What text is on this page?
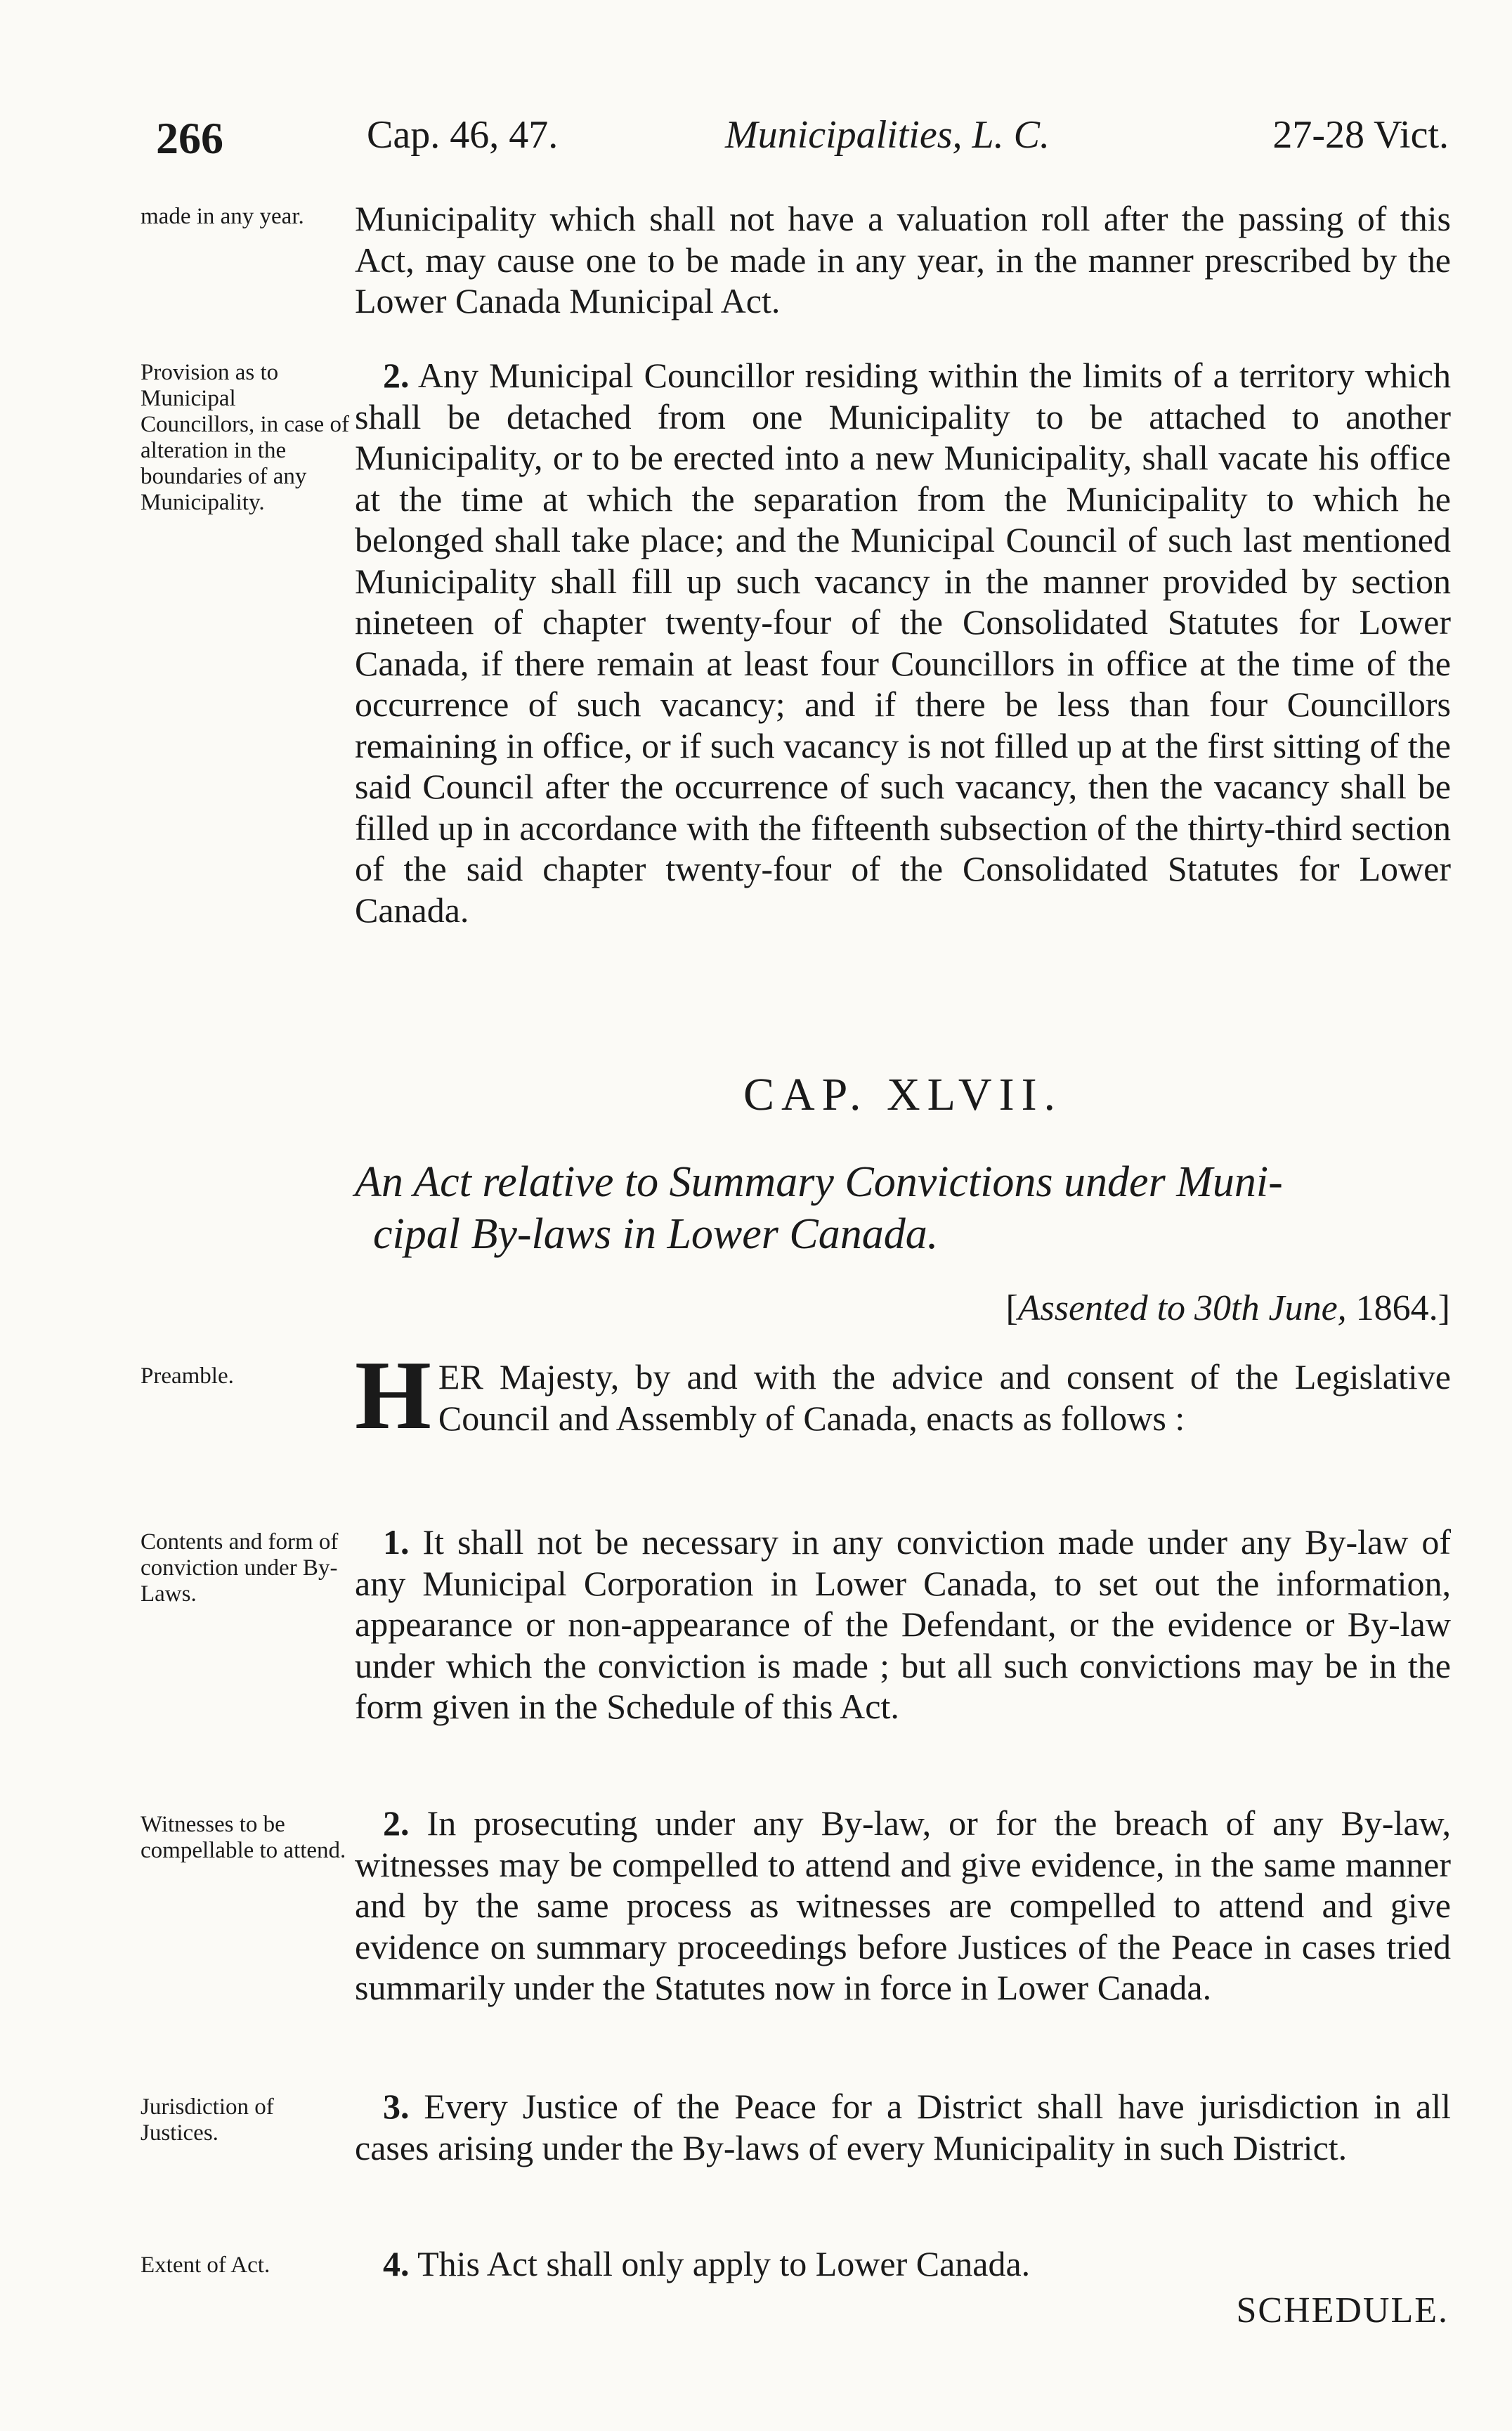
266	Cap. 46, 47.	Municipalities, L. C.	27-28 Vict.
made in any year.	Municipality which shall not have a valuation roll after the passing of this Act, may cause one to be made in any year, in the manner prescribed by the Lower Canada Municipal Act.

Provision as to Municipal Councillors, in case of alteration in the boundaries of any Municipality.

2. Any Municipal Councillor residing within the limits of a territory which shall be detached from one Municipality to be attached to another Municipality, or to be erected into a new Municipality, shall vacate his office at the time at which the separation from the Municipality to which he belonged shall take place; and the Municipal Council of such last mentioned Municipality shall fill up such vacancy in the manner provided by section nineteen of chapter twenty-four of the Consolidated Statutes for Lower Canada, if there remain at least four Councillors in office at the time of the occurrence of such vacancy; and if there be less than four Councillors remaining in office, or if such vacancy is not filled up at the first sitting of the said Council after the occurrence of such vacancy, then the vacancy shall be filled up in accordance with the fifteenth subsection of the thirty-third section of the said chapter twenty-four of the Consolidated Statutes for Lower Canada.

CAP. XLVII.
An Act relative to Summary Convictions under Muni-
cipal By-laws in Lower Canada.
[Assented to 30th June, 1864.]
Preamble.	H ER Majesty, by and with the advice and consent of the Legislative Council and Assembly of Canada, enacts as follows :

Contents and form of conviction under By-Laws.

1. It shall not be necessary in any conviction made under any By-law of any Municipal Corporation in Lower Canada, to set out the information, appearance or non-appearance of the Defendant, or the evidence or By-law under which the conviction is made ; but all such convictions may be in the form given in the Schedule of this Act.

Witnesses to be compellable to attend.

2. In prosecuting under any By-law, or for the breach of any By-law, witnesses may be compelled to attend and give evidence, in the same manner and by the same process as witnesses are compelled to attend and give evidence on summary proceedings before Justices of the Peace in cases tried summarily under the Statutes now in force in Lower Canada.

Jurisdiction of Justices.

3. Every Justice of the Peace for a District shall have jurisdiction in all cases arising under the By-laws of every Municipality in such District.

Extent of Act.	4. This Act shall only apply to Lower Canada.

SCHEDULE.
